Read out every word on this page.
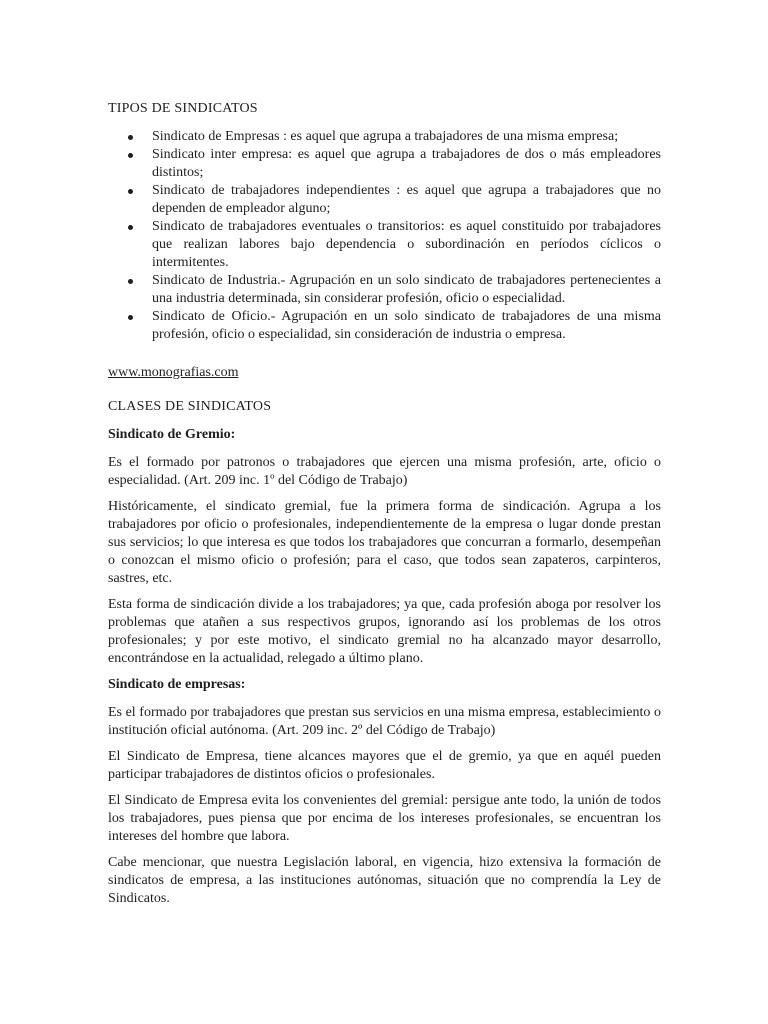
TIPOS DE SINDICATOS
Sindicato de Empresas : es aquel que agrupa a trabajadores de una misma empresa;
Sindicato inter empresa: es aquel que agrupa a trabajadores de dos o más empleadores distintos;
Sindicato de trabajadores independientes : es aquel que agrupa a trabajadores que no dependen de empleador alguno;
Sindicato de trabajadores eventuales o transitorios: es aquel constituido por trabajadores que realizan labores bajo dependencia o subordinación en períodos cíclicos o intermitentes.
Sindicato de Industria.- Agrupación en un solo sindicato de trabajadores pertenecientes a una industria determinada, sin considerar profesión, oficio o especialidad.
Sindicato de Oficio.- Agrupación en un solo sindicato de trabajadores de una misma profesión, oficio o especialidad, sin consideración de industria o empresa.
www.monografias.com
CLASES DE SINDICATOS
Sindicato de Gremio:

Es el formado por patronos o trabajadores que ejercen una misma profesión, arte, oficio o especialidad. (Art. 209 inc. 1º del Código de Trabajo)

Históricamente, el sindicato gremial, fue la primera forma de sindicación. Agrupa a los trabajadores por oficio o profesionales, independientemente de la empresa o lugar donde prestan sus servicios; lo que interesa es que todos los trabajadores que concurran a formarlo, desempeñan o conozcan el mismo oficio o profesión; para el caso, que todos sean zapateros, carpinteros, sastres, etc.

Esta forma de sindicación divide a los trabajadores; ya que, cada profesión aboga por resolver los problemas que atañen a sus respectivos grupos, ignorando así los problemas de los otros profesionales; y por este motivo, el sindicato gremial no ha alcanzado mayor desarrollo, encontrándose en la actualidad, relegado a último plano.

Sindicato de empresas:

Es el formado por trabajadores que prestan sus servicios en una misma empresa, establecimiento o institución oficial autónoma. (Art. 209 inc. 2º del Código de Trabajo)

El Sindicato de Empresa, tiene alcances mayores que el de gremio, ya que en aquél pueden participar trabajadores de distintos oficios o profesionales.

El Sindicato de Empresa evita los convenientes del gremial: persigue ante todo, la unión de todos los trabajadores, pues piensa que por encima de los intereses profesionales, se encuentran los intereses del hombre que labora.

Cabe mencionar, que nuestra Legislación laboral, en vigencia, hizo extensiva la formación de sindicatos de empresa, a las instituciones autónomas, situación que no comprendía la Ley de Sindicatos.
